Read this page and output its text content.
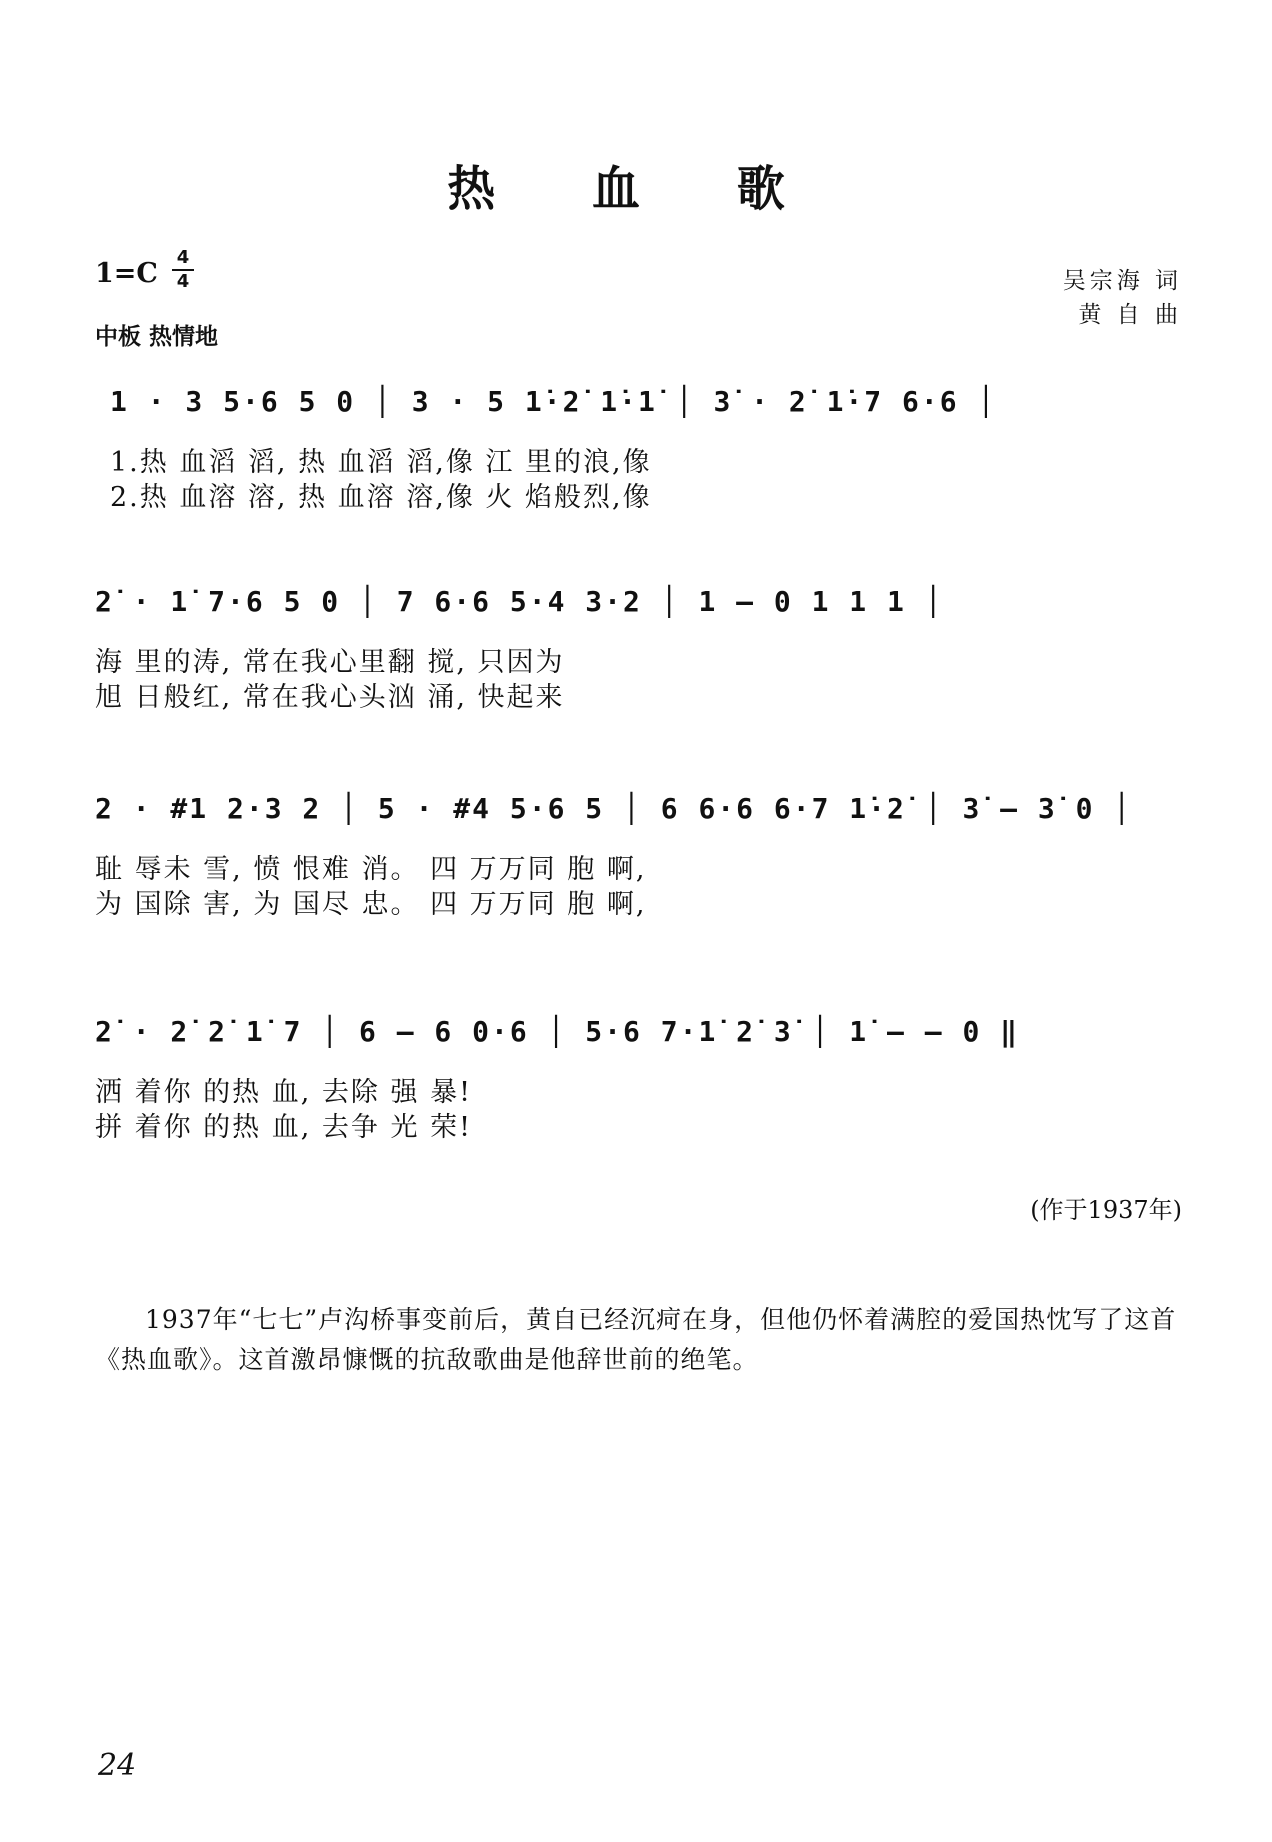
热 血 歌
1=C
4
4
中板 热情地
吴宗海 词
黄 自 曲
1 · 3 5·6 5 0 │ 3 · 5 1̇·2̇ 1̇·1̇ │ 3̇ · 2̇ 1̇·7 6·6 │
1.热 血滔 滔, 热 血滔 滔,像 江 里的浪,像
2.热 血溶 溶, 热 血溶 溶,像 火 焰般烈,像
2̇ · 1̇ 7·6 5 0 │ 7 6·6 5·4 3·2 │ 1 – 0 1 1 1 │
海 里的涛, 常在我心里翻 搅, 只因为
旭 日般红, 常在我心头汹 涌, 快起来
2 · #1 2·3 2 │ 5 · #4 5·6 5 │ 6 6·6 6·7 1̇·2̇ │ 3̇ – 3̇ 0 │
耻 辱未 雪, 愤 恨难 消。 四 万万同 胞 啊,
为 国除 害, 为 国尽 忠。 四 万万同 胞 啊,
2̇ · 2̇ 2̇ 1̇ 7 │ 6 – 6 0·6 │ 5·6 7·1̇ 2̇ 3̇ │ 1̇ – – 0 ‖
洒 着你 的热 血, 去除 强 暴!
拼 着你 的热 血, 去争 光 荣!
(作于1937年)
1937年“七七”卢沟桥事变前后，黄自已经沉疴在身，但他仍怀着满腔的爱国热忱写了这首《热血歌》。这首激昂慷慨的抗敌歌曲是他辞世前的绝笔。
24
